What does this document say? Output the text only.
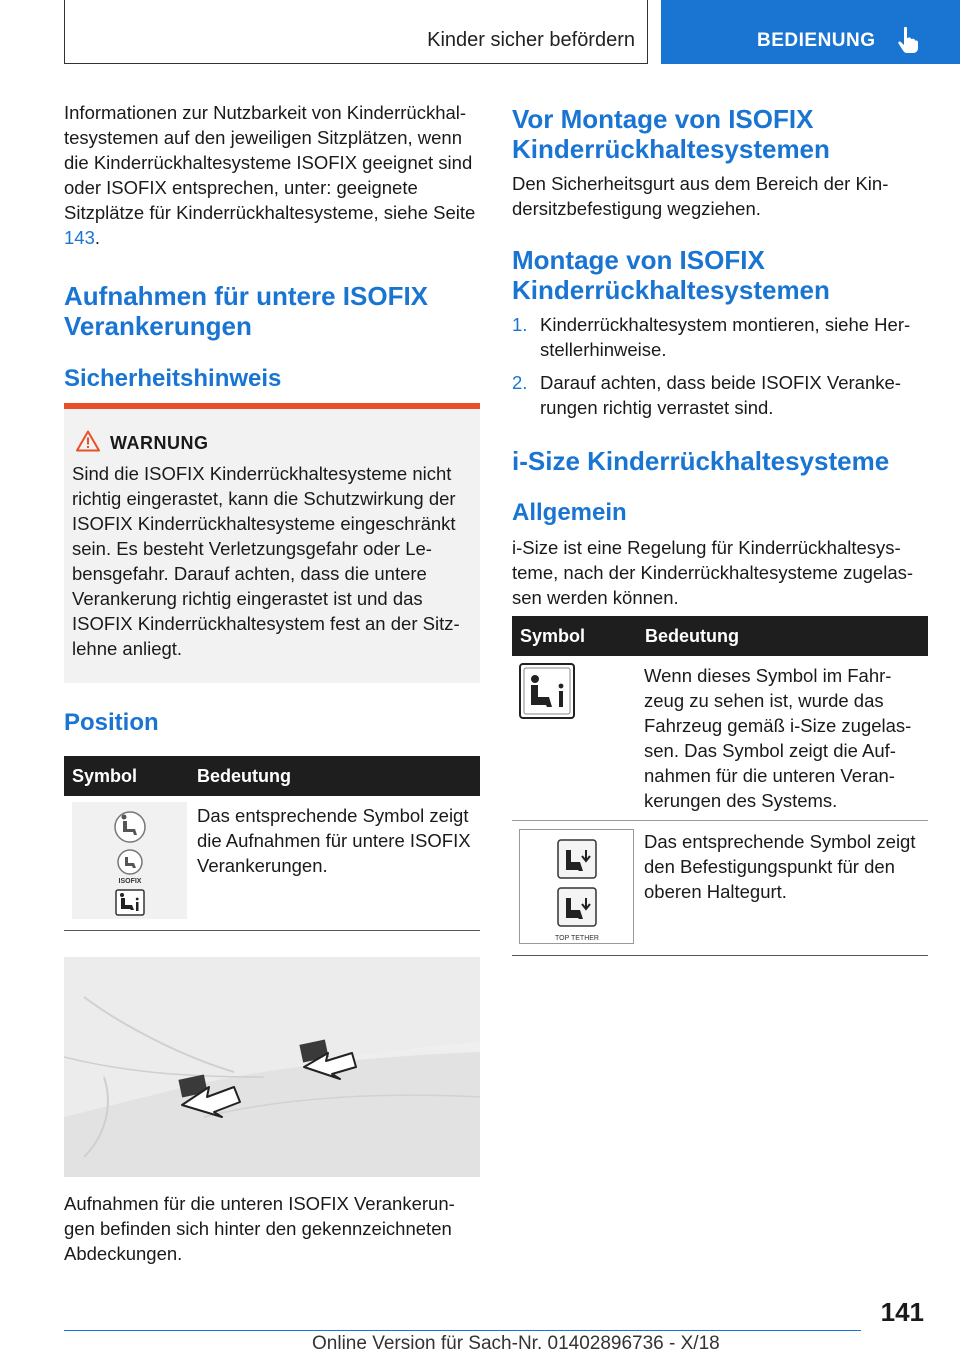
Kinder sicher befördern	BEDIENUNG
Informationen zur Nutzbarkeit von Kinderrückhal-tesystemen auf den jeweiligen Sitzplätzen, wenn die Kinderrückhaltesysteme ISOFIX geeignet sind oder ISOFIX entsprechen, unter: geeignete Sitzplätze für Kinderrückhaltesysteme, siehe Seite 143.
Aufnahmen für untere ISOFIX Verankerungen
Sicherheitshinweis
WARNUNG
Sind die ISOFIX Kinderrückhaltesysteme nicht richtig eingerastet, kann die Schutzwirkung der ISOFIX Kinderrückhaltesysteme eingeschränkt sein. Es besteht Verletzungsgefahr oder Le-bensgefahr. Darauf achten, dass die untere Verankerung richtig eingerastet ist und das ISOFIX Kinderrückhaltesystem fest an der Sitz-lehne anliegt.
Position
Symbol	Bedeutung
ISOFIX
Das entsprechende Symbol zeigt die Aufnahmen für untere ISOFIX Verankerungen.
Aufnahmen für die unteren ISOFIX Verankerun-gen befinden sich hinter den gekennzeichneten Abdeckungen.
Vor Montage von ISOFIX Kinderrückhaltesystemen
Den Sicherheitsgurt aus dem Bereich der Kin-dersitzbefestigung wegziehen.
Montage von ISOFIX Kinderrückhaltesystemen
1. Kinderrückhaltesystem montieren, siehe Her-stellerhinweise.
2. Darauf achten, dass beide ISOFIX Veranke-rungen richtig verrastet sind.
i-Size Kinderrückhaltesysteme
Allgemein
i-Size ist eine Regelung für Kinderrückhaltesys-teme, nach der Kinderrückhaltesysteme zugelas-sen werden können.
Symbol	Bedeutung
Wenn dieses Symbol im Fahr-zeug zu sehen ist, wurde das Fahrzeug gemäß i-Size zugelas-sen. Das Symbol zeigt die Auf-nahmen für die unteren Veran-kerungen des Systems.
TOP TETHER
Das entsprechende Symbol zeigt den Befestigungspunkt für den oberen Haltegurt.
141
Online Version für Sach-Nr. 01402896736 - X/18
